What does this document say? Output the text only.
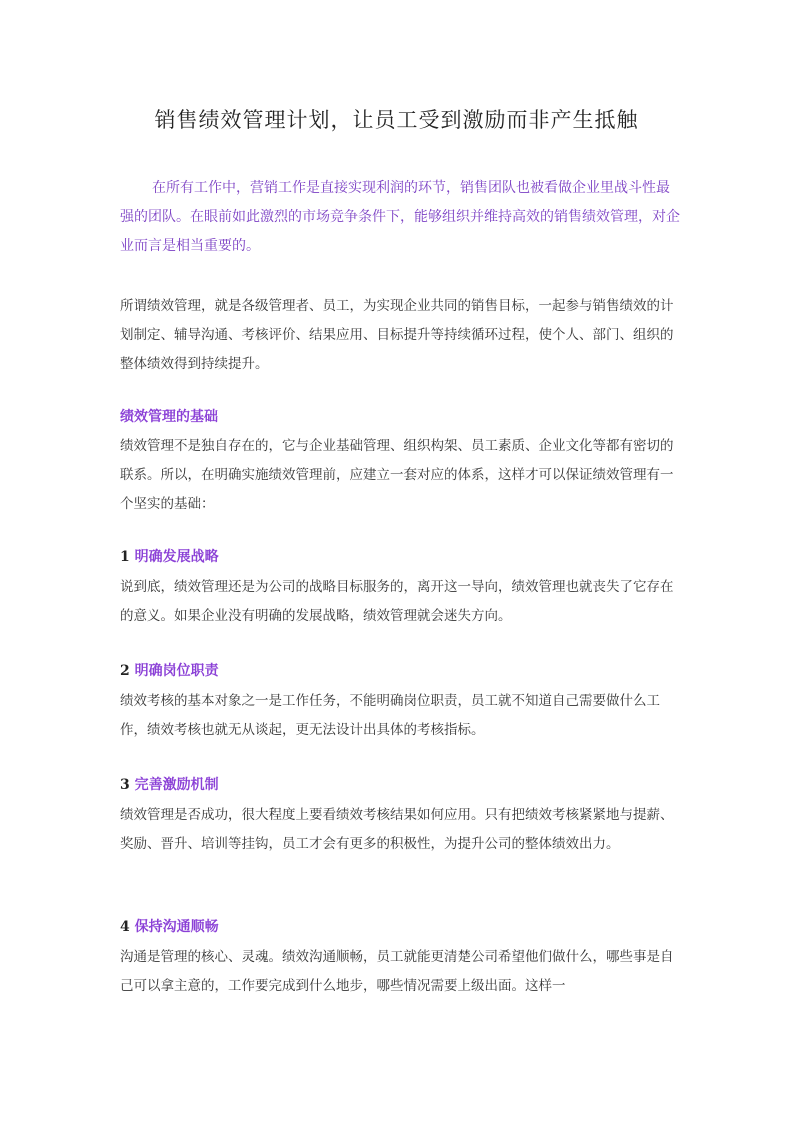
销售绩效管理计划，让员工受到激励而非产生抵触

在所有工作中，营销工作是直接实现利润的环节，销售团队也被看做企业里战斗性最强的团队。在眼前如此激烈的市场竞争条件下，能够组织并维持高效的销售绩效管理，对企业而言是相当重要的。

所谓绩效管理，就是各级管理者、员工，为实现企业共同的销售目标，一起参与销售绩效的计划制定、辅导沟通、考核评价、结果应用、目标提升等持续循环过程，使个人、部门、组织的整体绩效得到持续提升。

绩效管理的基础

绩效管理不是独自存在的，它与企业基础管理、组织构架、员工素质、企业文化等都有密切的联系。所以，在明确实施绩效管理前，应建立一套对应的体系，这样才可以保证绩效管理有一个坚实的基础：

1 明确发展战略

说到底，绩效管理还是为公司的战略目标服务的，离开这一导向，绩效管理也就丧失了它存在的意义。如果企业没有明确的发展战略，绩效管理就会迷失方向。

2 明确岗位职责

绩效考核的基本对象之一是工作任务，不能明确岗位职责，员工就不知道自己需要做什么工作，绩效考核也就无从谈起，更无法设计出具体的考核指标。

3 完善激励机制

绩效管理是否成功，很大程度上要看绩效考核结果如何应用。只有把绩效考核紧紧地与提薪、奖励、晋升、培训等挂钩，员工才会有更多的积极性，为提升公司的整体绩效出力。

4 保持沟通顺畅

沟通是管理的核心、灵魂。绩效沟通顺畅，员工就能更清楚公司希望他们做什么，哪些事是自己可以拿主意的，工作要完成到什么地步，哪些情况需要上级出面。这样一
